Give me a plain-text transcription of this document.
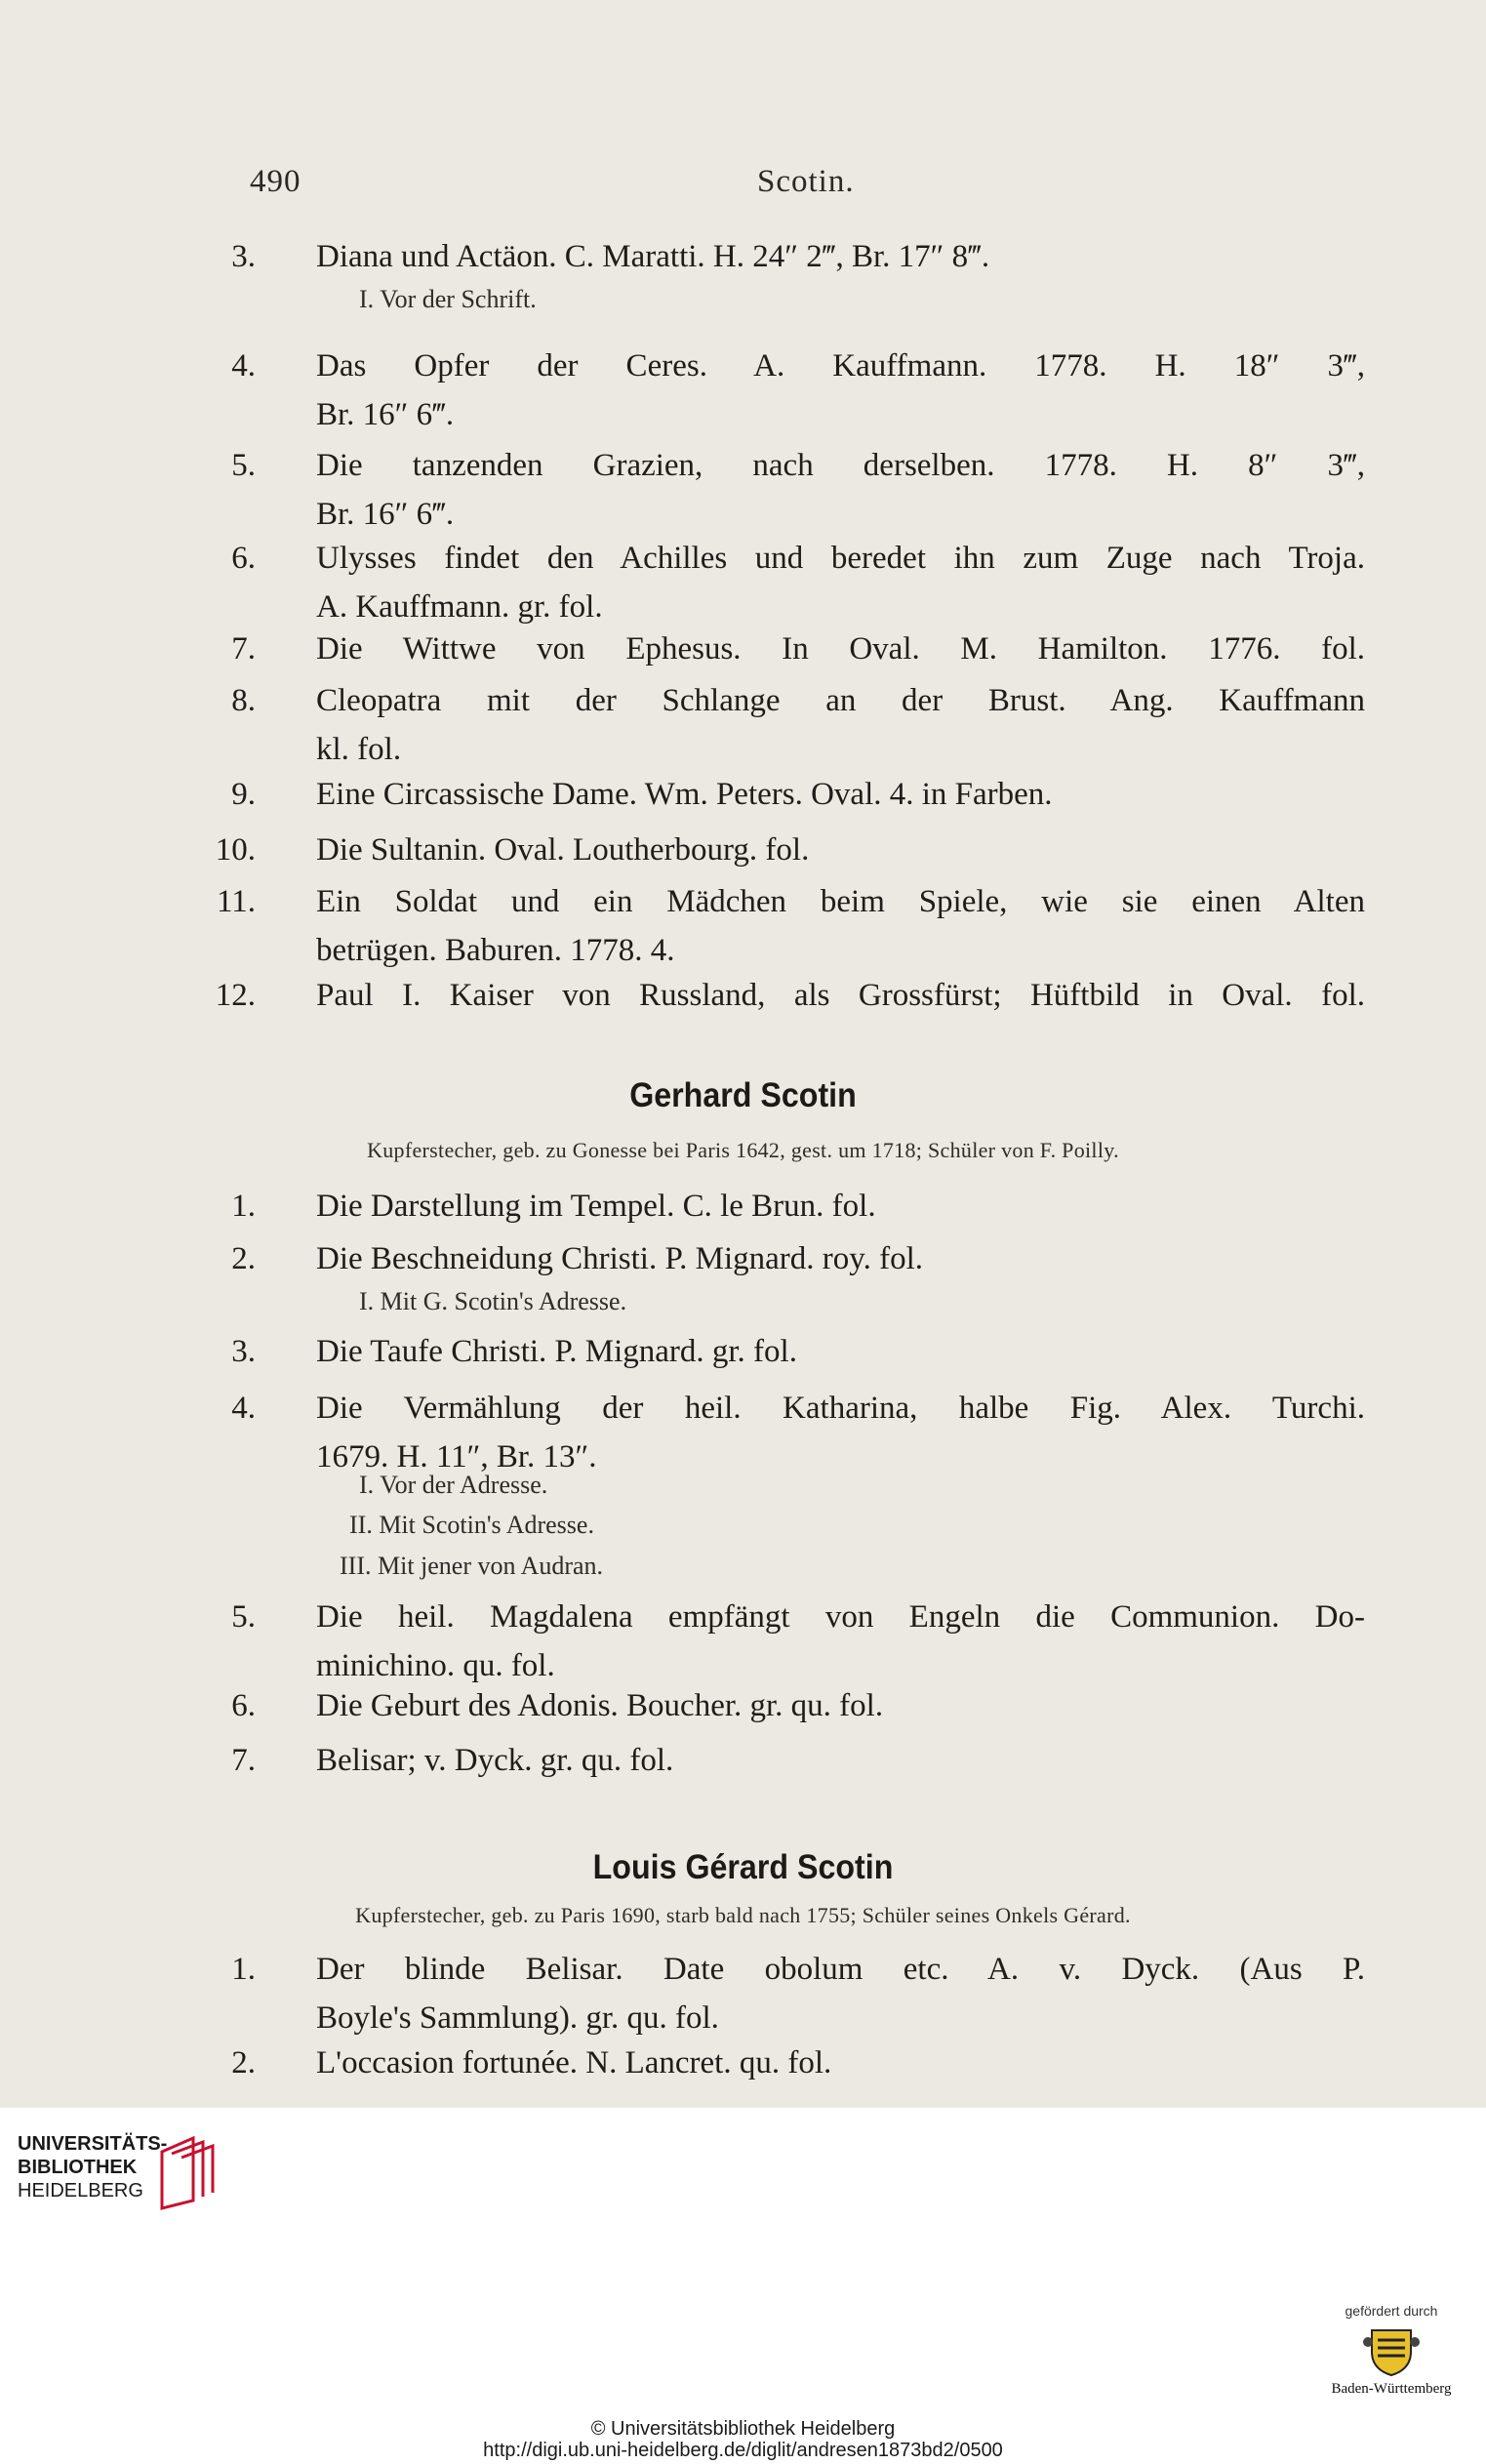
490	Scotin.
3. Diana und Actäon. C. Maratti. H. 24″ 2‴, Br. 17″ 8‴.
I. Vor der Schrift.
4. Das Opfer der Ceres. A. Kauffmann. 1778. H. 18″ 3‴,
Br. 16″ 6‴.
5. Die tanzenden Grazien, nach derselben. 1778. H. 8″ 3‴,
Br. 16″ 6‴.
6. Ulysses findet den Achilles und beredet ihn zum Zuge nach Troja.
A. Kauffmann. gr. fol.
7. Die Wittwe von Ephesus. In Oval. M. Hamilton. 1776. fol.
8. Cleopatra mit der Schlange an der Brust. Ang. Kauffmann
kl. fol.
9. Eine Circassische Dame. Wm. Peters. Oval. 4. in Farben.
10. Die Sultanin. Oval. Loutherbourg. fol.
11. Ein Soldat und ein Mädchen beim Spiele, wie sie einen Alten
betrügen. Baburen. 1778. 4.
12. Paul I. Kaiser von Russland, als Grossfürst; Hüftbild in Oval. fol.
Gerhard Scotin
Kupferstecher, geb. zu Gonesse bei Paris 1642, gest. um 1718; Schüler von F. Poilly.
1. Die Darstellung im Tempel. C. le Brun. fol.
2. Die Beschneidung Christi. P. Mignard. roy. fol.
I. Mit G. Scotin's Adresse.
3. Die Taufe Christi. P. Mignard. gr. fol.
4. Die Vermählung der heil. Katharina, halbe Fig. Alex. Turchi.
1679. H. 11″, Br. 13″.
I. Vor der Adresse.
II. Mit Scotin's Adresse.
III. Mit jener von Audran.
5. Die heil. Magdalena empfängt von Engeln die Communion. Do-
minichino. qu. fol.
6. Die Geburt des Adonis. Boucher. gr. qu. fol.
7. Belisar; v. Dyck. gr. qu. fol.
Louis Gérard Scotin
Kupferstecher, geb. zu Paris 1690, starb bald nach 1755; Schüler seines Onkels Gérard.
1. Der blinde Belisar. Date obolum etc. A. v. Dyck. (Aus P.
Boyle's Sammlung). gr. qu. fol.
2. L'occasion fortunée. N. Lancret. qu. fol.
UNIVERSITÄTS-
BIBLIOTHEK
HEIDELBERG
© Universitätsbibliothek Heidelberg
http://digi.ub.uni-heidelberg.de/diglit/andresen1873bd2/0500
gefördert durch
Baden-Württemberg
